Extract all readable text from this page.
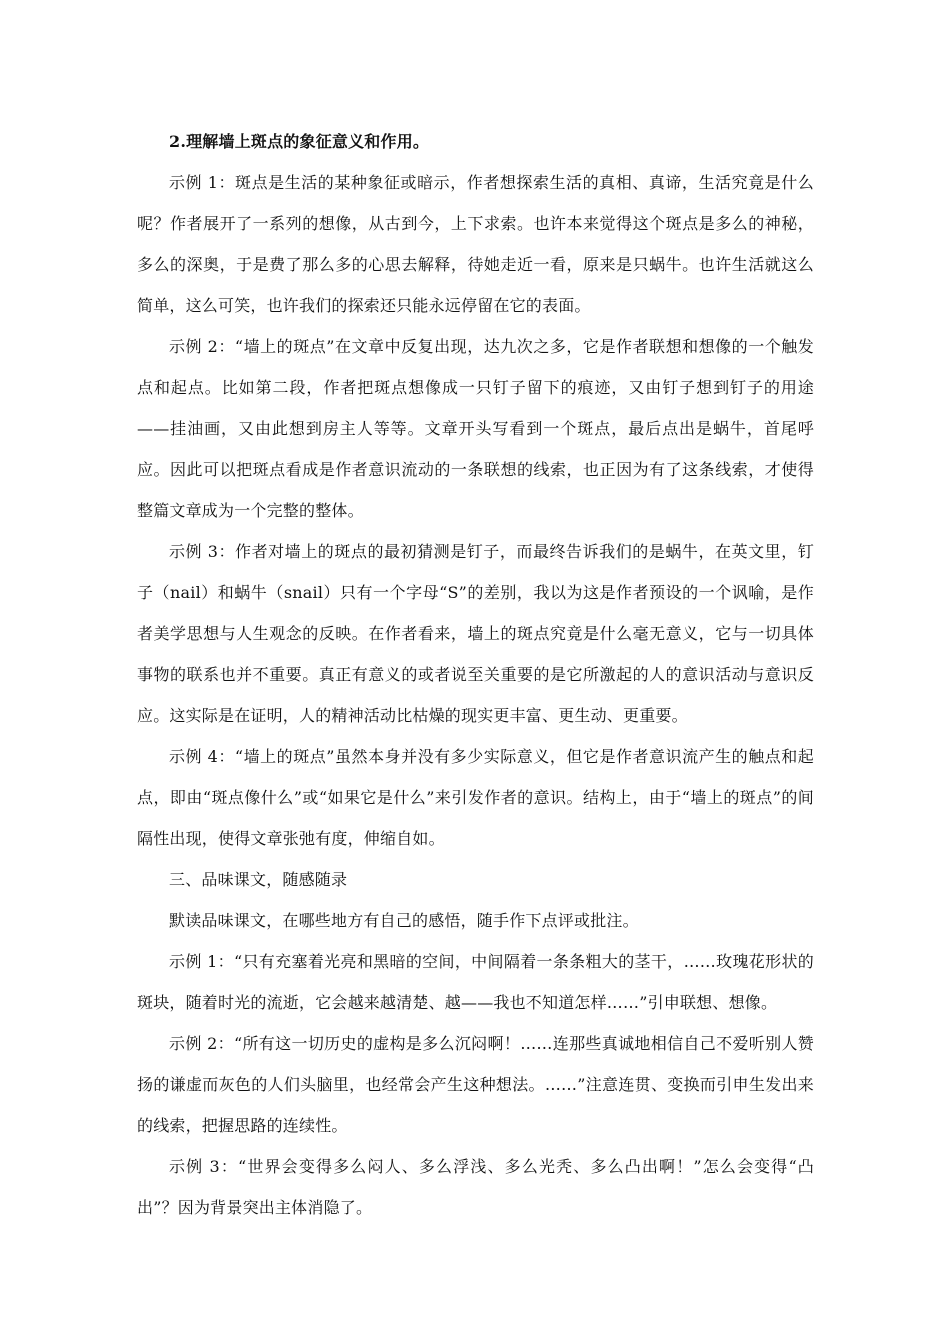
2.理解墙上斑点的象征意义和作用。

示例 1：斑点是生活的某种象征或暗示，作者想探索生活的真相、真谛，生活究竟是什么呢？作者展开了一系列的想像，从古到今，上下求索。也许本来觉得这个斑点是多么的神秘，多么的深奥，于是费了那么多的心思去解释，待她走近一看，原来是只蜗牛。也许生活就这么简单，这么可笑，也许我们的探索还只能永远停留在它的表面。

示例 2：“墙上的斑点”在文章中反复出现，达九次之多，它是作者联想和想像的一个触发点和起点。比如第二段，作者把斑点想像成一只钉子留下的痕迹，又由钉子想到钉子的用途——挂油画，又由此想到房主人等等。文章开头写看到一个斑点，最后点出是蜗牛，首尾呼应。因此可以把斑点看成是作者意识流动的一条联想的线索，也正因为有了这条线索，才使得整篇文章成为一个完整的整体。

示例 3：作者对墙上的斑点的最初猜测是钉子，而最终告诉我们的是蜗牛，在英文里，钉子（nail）和蜗牛（snail）只有一个字母“S”的差别，我以为这是作者预设的一个讽喻，是作者美学思想与人生观念的反映。在作者看来，墙上的斑点究竟是什么毫无意义，它与一切具体事物的联系也并不重要。真正有意义的或者说至关重要的是它所激起的人的意识活动与意识反应。这实际是在证明，人的精神活动比枯燥的现实更丰富、更生动、更重要。

示例 4：“墙上的斑点”虽然本身并没有多少实际意义，但它是作者意识流产生的触点和起点，即由“斑点像什么”或“如果它是什么”来引发作者的意识。结构上，由于“墙上的斑点”的间隔性出现，使得文章张弛有度，伸缩自如。

三、品味课文，随感随录

默读品味课文，在哪些地方有自己的感悟，随手作下点评或批注。

示例 1：“只有充塞着光亮和黑暗的空间，中间隔着一条条粗大的茎干，……玫瑰花形状的斑块，随着时光的流逝，它会越来越清楚、越——我也不知道怎样……”引申联想、想像。

示例 2：“所有这一切历史的虚构是多么沉闷啊！……连那些真诚地相信自己不爱听别人赞扬的谦虚而灰色的人们头脑里，也经常会产生这种想法。……”注意连贯、变换而引申生发出来的线索，把握思路的连续性。

示例 3：“世界会变得多么闷人、多么浮浅、多么光秃、多么凸出啊！”怎么会变得“凸出”？因为背景突出主体消隐了。
